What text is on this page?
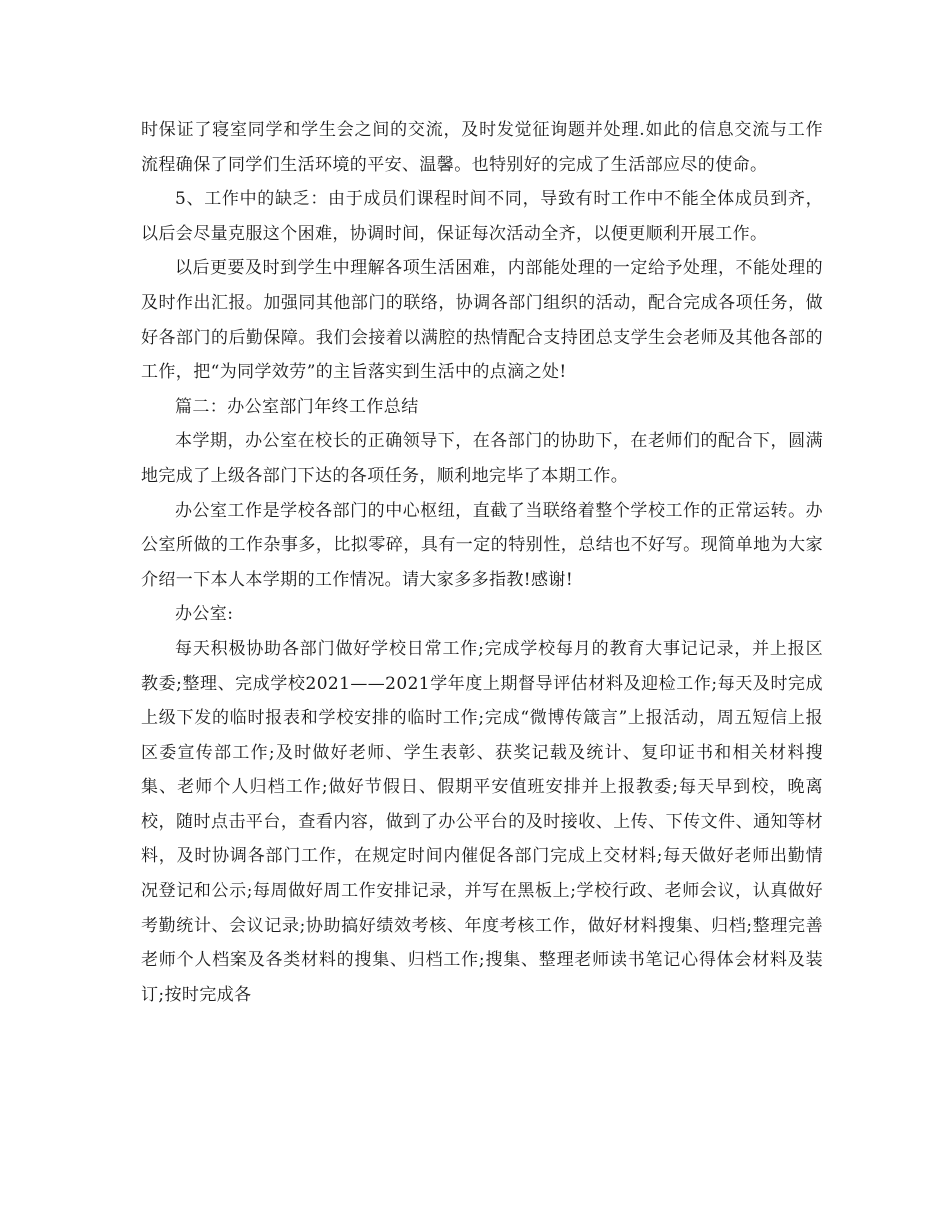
时保证了寝室同学和学生会之间的交流，及时发觉征询题并处理.如此的信息交流与工作流程确保了同学们生活环境的平安、温馨。也特别好的完成了生活部应尽的使命。

5、工作中的缺乏：由于成员们课程时间不同，导致有时工作中不能全体成员到齐，以后会尽量克服这个困难，协调时间，保证每次活动全齐，以便更顺利开展工作。

以后更要及时到学生中理解各项生活困难，内部能处理的一定给予处理，不能处理的及时作出汇报。加强同其他部门的联络，协调各部门组织的活动，配合完成各项任务，做好各部门的后勤保障。我们会接着以满腔的热情配合支持团总支学生会老师及其他各部的工作，把“为同学效劳”的主旨落实到生活中的点滴之处!

篇二：办公室部门年终工作总结

本学期，办公室在校长的正确领导下，在各部门的协助下，在老师们的配合下，圆满地完成了上级各部门下达的各项任务，顺利地完毕了本期工作。

办公室工作是学校各部门的中心枢纽，直截了当联络着整个学校工作的正常运转。办公室所做的工作杂事多，比拟零碎，具有一定的特别性，总结也不好写。现简单地为大家介绍一下本人本学期的工作情况。请大家多多指教!感谢!

办公室:

每天积极协助各部门做好学校日常工作;完成学校每月的教育大事记记录，并上报区教委;整理、完成学校2021——2021学年度上期督导评估材料及迎检工作;每天及时完成上级下发的临时报表和学校安排的临时工作;完成“微博传箴言”上报活动，周五短信上报区委宣传部工作;及时做好老师、学生表彰、获奖记载及统计、复印证书和相关材料搜集、老师个人归档工作;做好节假日、假期平安值班安排并上报教委;每天早到校，晚离校，随时点击平台，查看内容，做到了办公平台的及时接收、上传、下传文件、通知等材料，及时协调各部门工作，在规定时间内催促各部门完成上交材料;每天做好老师出勤情况登记和公示;每周做好周工作安排记录，并写在黑板上;学校行政、老师会议，认真做好考勤统计、会议记录;协助搞好绩效考核、年度考核工作，做好材料搜集、归档;整理完善老师个人档案及各类材料的搜集、归档工作;搜集、整理老师读书笔记心得体会材料及装订;按时完成各
